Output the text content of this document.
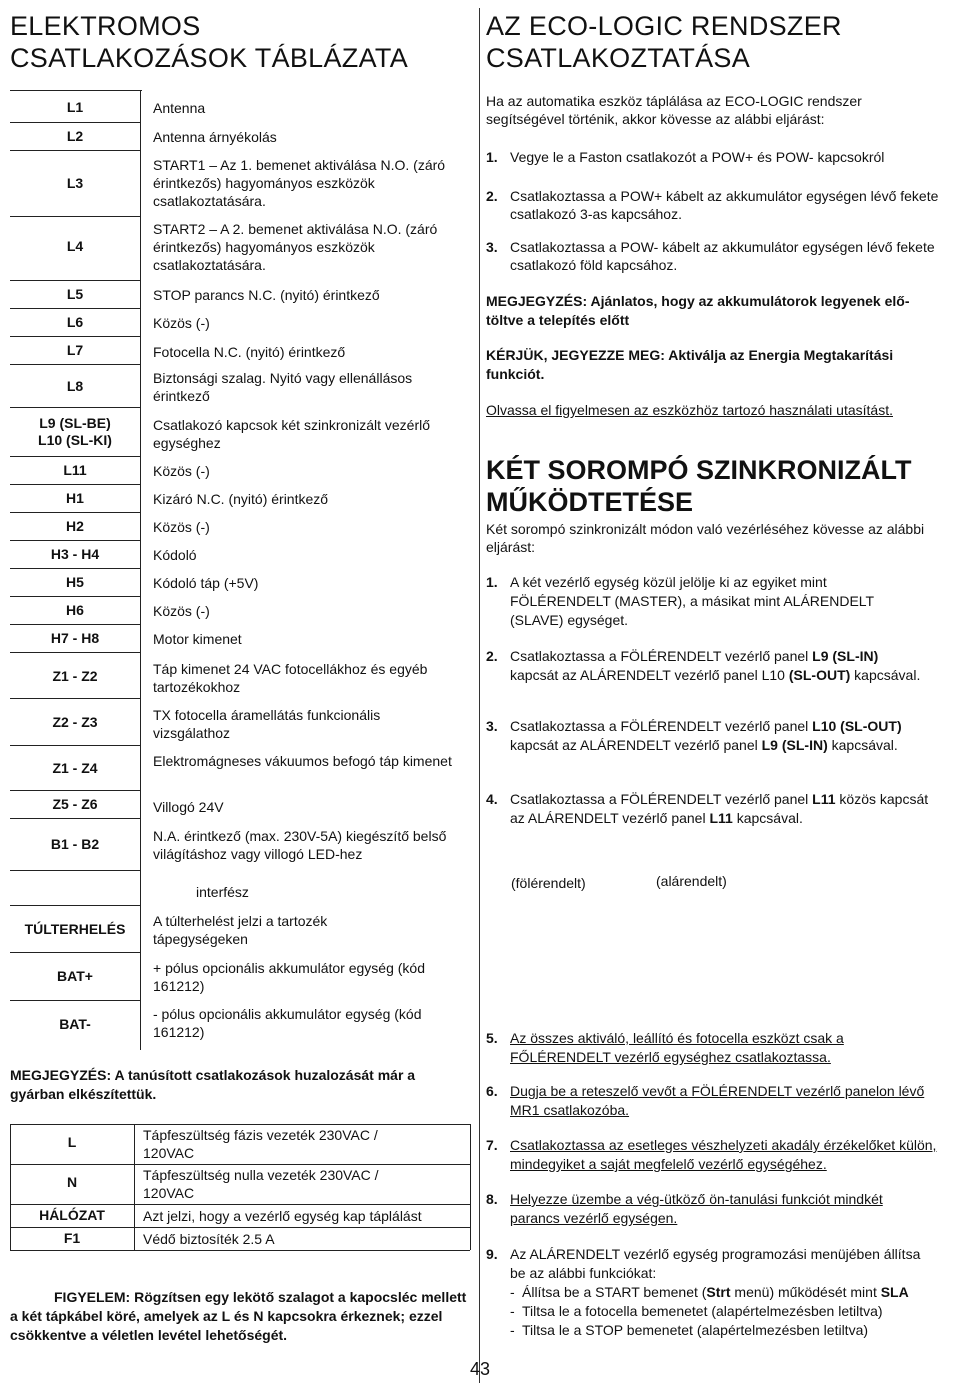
ELEKTROMOS
CSATLAKOZÁSOK TÁBLÁZATA
L1
L2
L3
L4
L5
L6
L7
L8
L9 (SL-BE)
L10 (SL-KI)
L11
H1
H2
H3 - H4
H5
H6
H7 - H8
Z1 - Z2
Z2 - Z3
Z1 - Z4
Z5 - Z6
B1 - B2
TÚLTERHELÉS
BAT+
BAT-
Antenna
Antenna árnyékolás
START1 – Az 1. bemenet aktiválása N.O. (záró érintkezős) hagyományos eszközök csatlakoztatására.
START2 – A 2. bemenet aktiválása N.O. (záró érintkezős) hagyományos eszközök csatlakoztatására.
STOP parancs N.C. (nyitó) érintkező
Közös (-)
Fotocella N.C. (nyitó) érintkező
Biztonsági szalag. Nyitó vagy ellenállásos érintkező
Csatlakozó kapcsok két szinkronizált vezérlő egységhez
Közös (-)
Kizáró N.C. (nyitó) érintkező
Közös (-)
Kódoló
Kódoló táp (+5V)
Közös (-)
Motor kimenet
Táp kimenet 24 VAC fotocellákhoz és egyéb tartozékokhoz
TX fotocella áramellátás funkcionális vizsgálathoz
Elektromágneses vákuumos befogó táp kimenet
Villogó 24V
N.A. érintkező (max. 230V-5A) kiegészítő belső világításhoz vagy villogó LED-hez
interfész
A túlterhelést jelzi a tartozék tápegységeken
+ pólus opcionális akkumulátor egység (kód 161212)
- pólus opcionális akkumulátor egység (kód 161212)
MEGJEGYZÉS: A tanúsított csatlakozások huzalozását már a gyárban elkészítettük.
L
N
HÁLÓZAT
F1
Tápfeszültség fázis vezeték 230VAC / 120VAC
Tápfeszültség nulla vezeték 230VAC / 120VAC
Azt jelzi, hogy a vezérlő egység kap táplálást
Védő biztosíték 2.5 A
FIGYELEM: Rögzítsen egy lekötő szalagot a kapocsléc mellett a két tápkábel köré, amelyek az L és N kapcsokra érkeznek; ezzel csökkentve a véletlen levétel lehetőségét.
43
AZ ECO-LOGIC RENDSZER
CSATLAKOZTATÁSA
Ha az automatika eszköz táplálása az ECO-LOGIC rendszer segítségével történik, akkor kövesse az alábbi eljárást:
1. Vegye le a Faston csatlakozót a POW+ és POW- kapcsokról
2. Csatlakoztassa a POW+ kábelt az akkumulátor egységen lévő fekete csatlakozó 3-as kapcsához.
3. Csatlakoztassa a POW- kábelt az akkumulátor egységen lévő fekete csatlakozó föld kapcsához.
MEGJEGYZÉS: Ajánlatos, hogy az akkumulátorok legyenek elő-töltve a telepítés előtt
KÉRJÜK, JEGYEZZE MEG: Aktiválja az Energia Megtakarítási funkciót.
Olvassa el figyelmesen az eszközhöz tartozó használati utasítást.
KÉT SOROMPÓ SZINKRONIZÁLT
MŰKÖDTETÉSE
Két sorompó szinkronizált módon való vezérléséhez kövesse az alábbi eljárást:
1. A két vezérlő egység közül jelölje ki az egyiket mint FÖLÉRENDELT (MASTER), a másikat mint ALÁRENDELT (SLAVE) egységet.
2. Csatlakoztassa a FÖLÉRENDELT vezérlő panel L9 (SL-IN) kapcsát az ALÁRENDELT vezérlő panel L10 (SL-OUT) kapcsával.
3. Csatlakoztassa a FÖLÉRENDELT vezérlő panel L10 (SL-OUT) kapcsát az ALÁRENDELT vezérlő panel L9 (SL-IN) kapcsával.
4. Csatlakoztassa a FÖLÉRENDELT vezérlő panel L11 közös kapcsát az ALÁRENDELT vezérlő panel L11 kapcsával.
(fölérendelt)	(alárendelt)
5. Az összes aktiváló, leállító és fotocella eszközt csak a FŐLÉRENDELT vezérlő egységhez csatlakoztassa.
6. Dugja be a reteszelő vevőt a FÖLÉRENDELT vezérlő panelon lévő MR1 csatlakozóba.
7. Csatlakoztassa az esetleges vészhelyzeti akadály érzékelőket külön, mindegyiket a saját megfelelő vezérlő egységéhez.
8. Helyezze üzembe a vég-ütköző ön-tanulási funkciót mindkét parancs vezérlő egységen.
9. Az ALÁRENDELT vezérlő egység programozási menüjében állítsa be az alábbi funkciókat:
- Állítsa be a START bemenet (Strt menü) működését mint SLA
- Tiltsa le a fotocella bemenetet (alapértelmezésben letiltva)
- Tiltsa le a STOP bemenetet (alapértelmezésben letiltva)
